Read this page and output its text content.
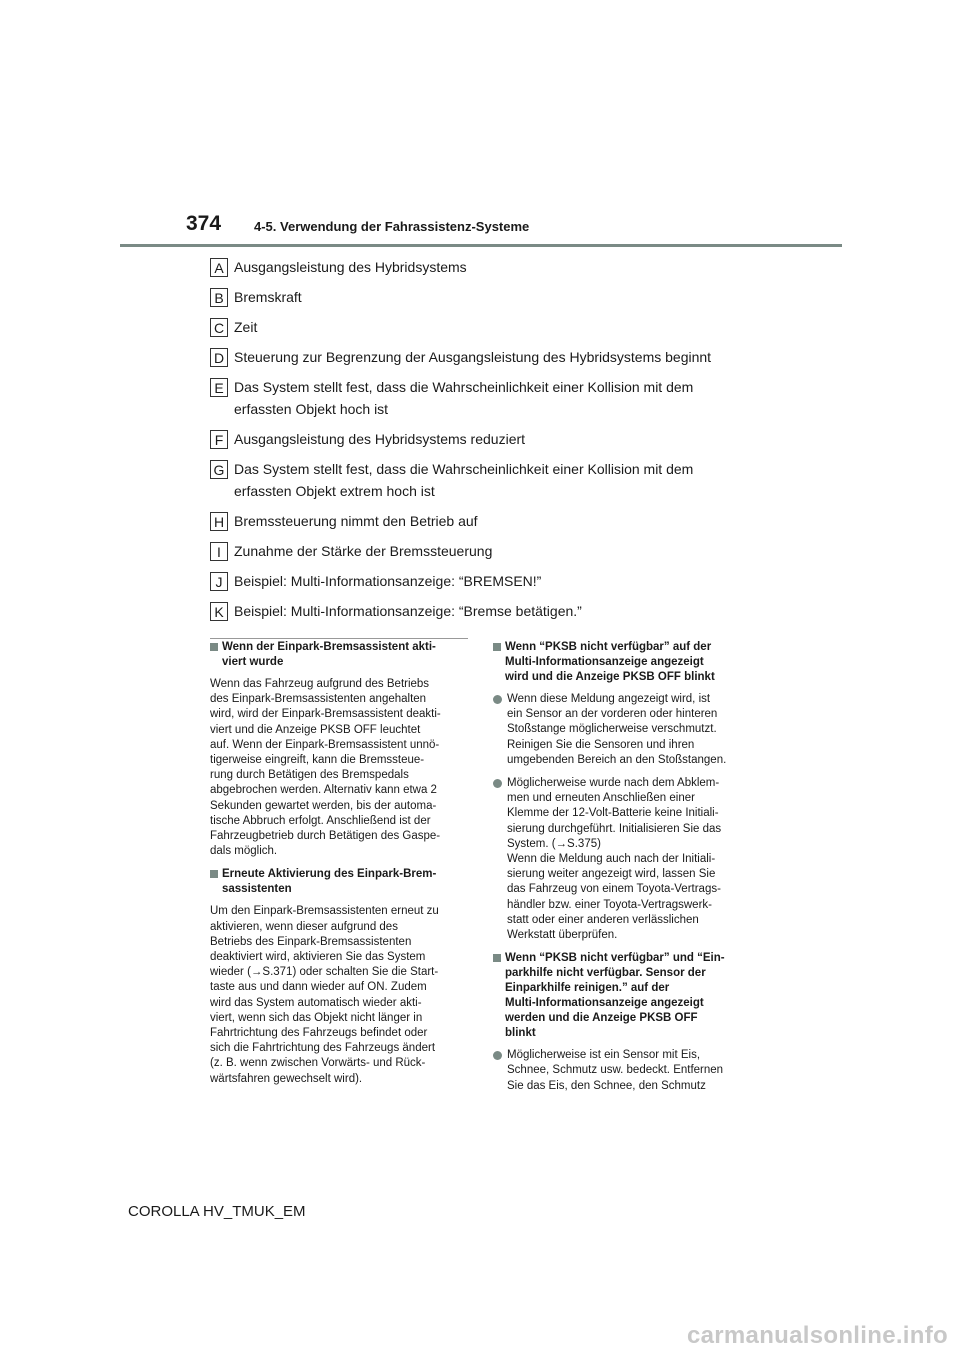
374	4-5. Verwendung der Fahrassistenz-Systeme
A Ausgangsleistung des Hybridsystems
B Bremskraft
C Zeit
D Steuerung zur Begrenzung der Ausgangsleistung des Hybridsystems beginnt
E Das System stellt fest, dass die Wahrscheinlichkeit einer Kollision mit dem
erfassten Objekt hoch ist
F Ausgangsleistung des Hybridsystems reduziert
G Das System stellt fest, dass die Wahrscheinlichkeit einer Kollision mit dem
erfassten Objekt extrem hoch ist
H Bremssteuerung nimmt den Betrieb auf
I Zunahme der Stärke der Bremssteuerung
J Beispiel: Multi-Informationsanzeige: “BREMSEN!”
K Beispiel: Multi-Informationsanzeige: “Bremse betätigen.”
Wenn der Einpark-Bremsassistent akti-
viert wurde
Wenn das Fahrzeug aufgrund des Betriebs
des Einpark-Bremsassistenten angehalten
wird, wird der Einpark-Bremsassistent deakti-
viert und die Anzeige PKSB OFF leuchtet
auf. Wenn der Einpark-Bremsassistent unnö-
tigerweise eingreift, kann die Bremssteue-
rung durch Betätigen des Bremspedals
abgebrochen werden. Alternativ kann etwa 2
Sekunden gewartet werden, bis der automa-
tische Abbruch erfolgt. Anschließend ist der
Fahrzeugbetrieb durch Betätigen des Gaspe-
dals möglich.
Erneute Aktivierung des Einpark-Brem-
sassistenten
Um den Einpark-Bremsassistenten erneut zu
aktivieren, wenn dieser aufgrund des
Betriebs des Einpark-Bremsassistenten
deaktiviert wird, aktivieren Sie das System
wieder (→S.371) oder schalten Sie die Start-
taste aus und dann wieder auf ON. Zudem
wird das System automatisch wieder akti-
viert, wenn sich das Objekt nicht länger in
Fahrtrichtung des Fahrzeugs befindet oder
sich die Fahrtrichtung des Fahrzeugs ändert
(z. B. wenn zwischen Vorwärts- und Rück-
wärtsfahren gewechselt wird).
Wenn “PKSB nicht verfügbar” auf der
Multi-Informationsanzeige angezeigt
wird und die Anzeige PKSB OFF blinkt
Wenn diese Meldung angezeigt wird, ist
ein Sensor an der vorderen oder hinteren
Stoßstange möglicherweise verschmutzt.
Reinigen Sie die Sensoren und ihren
umgebenden Bereich an den Stoßstangen.
Möglicherweise wurde nach dem Abklem-
men und erneuten Anschließen einer
Klemme der 12-Volt-Batterie keine Initiali-
sierung durchgeführt. Initialisieren Sie das
System. (→S.375)
Wenn die Meldung auch nach der Initiali-
sierung weiter angezeigt wird, lassen Sie
das Fahrzeug von einem Toyota-Vertrags-
händler bzw. einer Toyota-Vertragswerk-
statt oder einer anderen verlässlichen
Werkstatt überprüfen.
Wenn “PKSB nicht verfügbar” und “Ein-
parkhilfe nicht verfügbar. Sensor der
Einparkhilfe reinigen.” auf der
Multi-Informationsanzeige angezeigt
werden und die Anzeige PKSB OFF
blinkt
Möglicherweise ist ein Sensor mit Eis,
Schnee, Schmutz usw. bedeckt. Entfernen
Sie das Eis, den Schnee, den Schmutz
COROLLA HV_TMUK_EM
carmanualsonline.info
